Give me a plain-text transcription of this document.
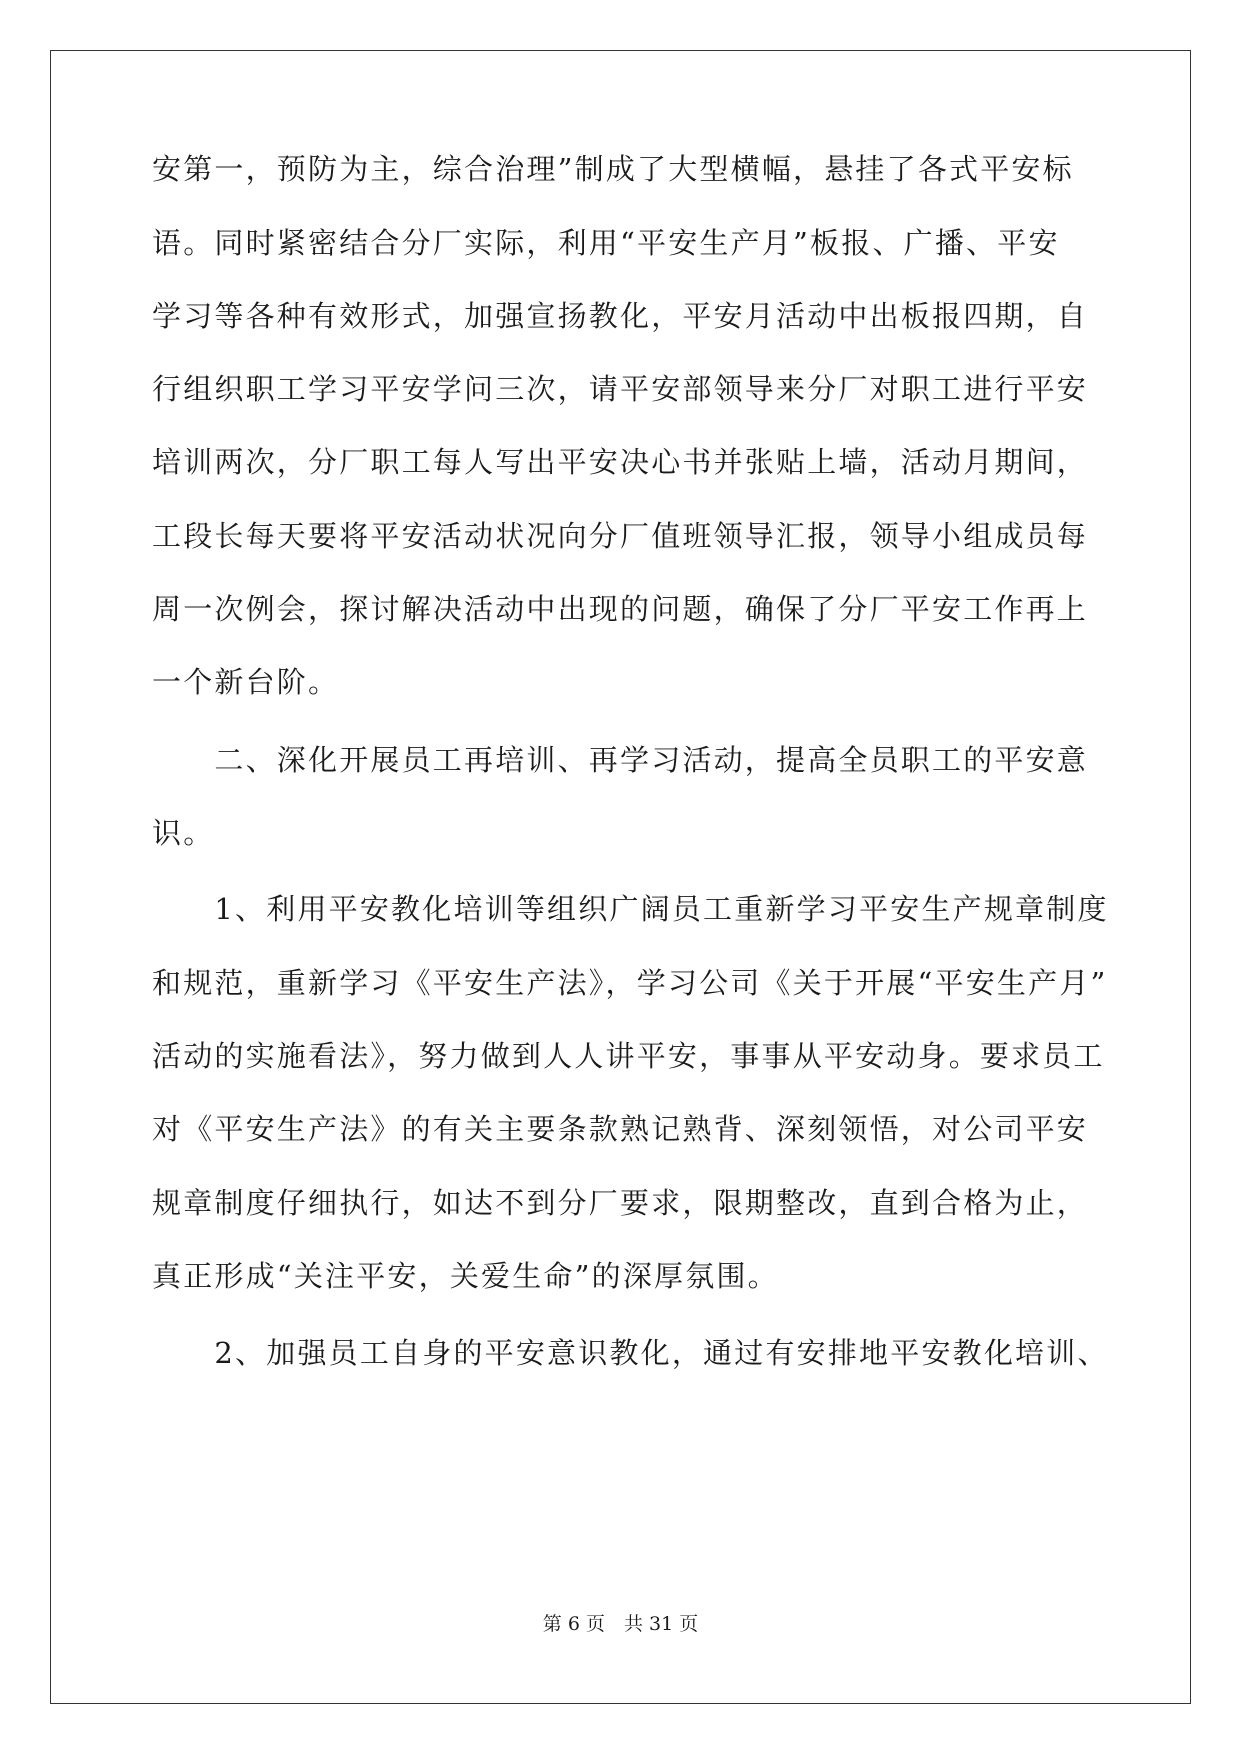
安第一，预防为主，综合治理”制成了大型横幅，悬挂了各式平安标
语。同时紧密结合分厂实际，利用“平安生产月”板报、广播、平安
学习等各种有效形式，加强宣扬教化，平安月活动中出板报四期，自
行组织职工学习平安学问三次，请平安部领导来分厂对职工进行平安
培训两次，分厂职工每人写出平安决心书并张贴上墙，活动月期间，
工段长每天要将平安活动状况向分厂值班领导汇报，领导小组成员每
周一次例会，探讨解决活动中出现的问题，确保了分厂平安工作再上
一个新台阶。
　　二、深化开展员工再培训、再学习活动，提高全员职工的平安意
识。
　　1、利用平安教化培训等组织广阔员工重新学习平安生产规章制度
和规范，重新学习《平安生产法》，学习公司《关于开展“平安生产月”
活动的实施看法》，努力做到人人讲平安，事事从平安动身。要求员工
对《平安生产法》的有关主要条款熟记熟背、深刻领悟，对公司平安
规章制度仔细执行，如达不到分厂要求，限期整改，直到合格为止，
真正形成“关注平安，关爱生命”的深厚氛围。
　　2、加强员工自身的平安意识教化，通过有安排地平安教化培训、
第 6 页　共 31 页
